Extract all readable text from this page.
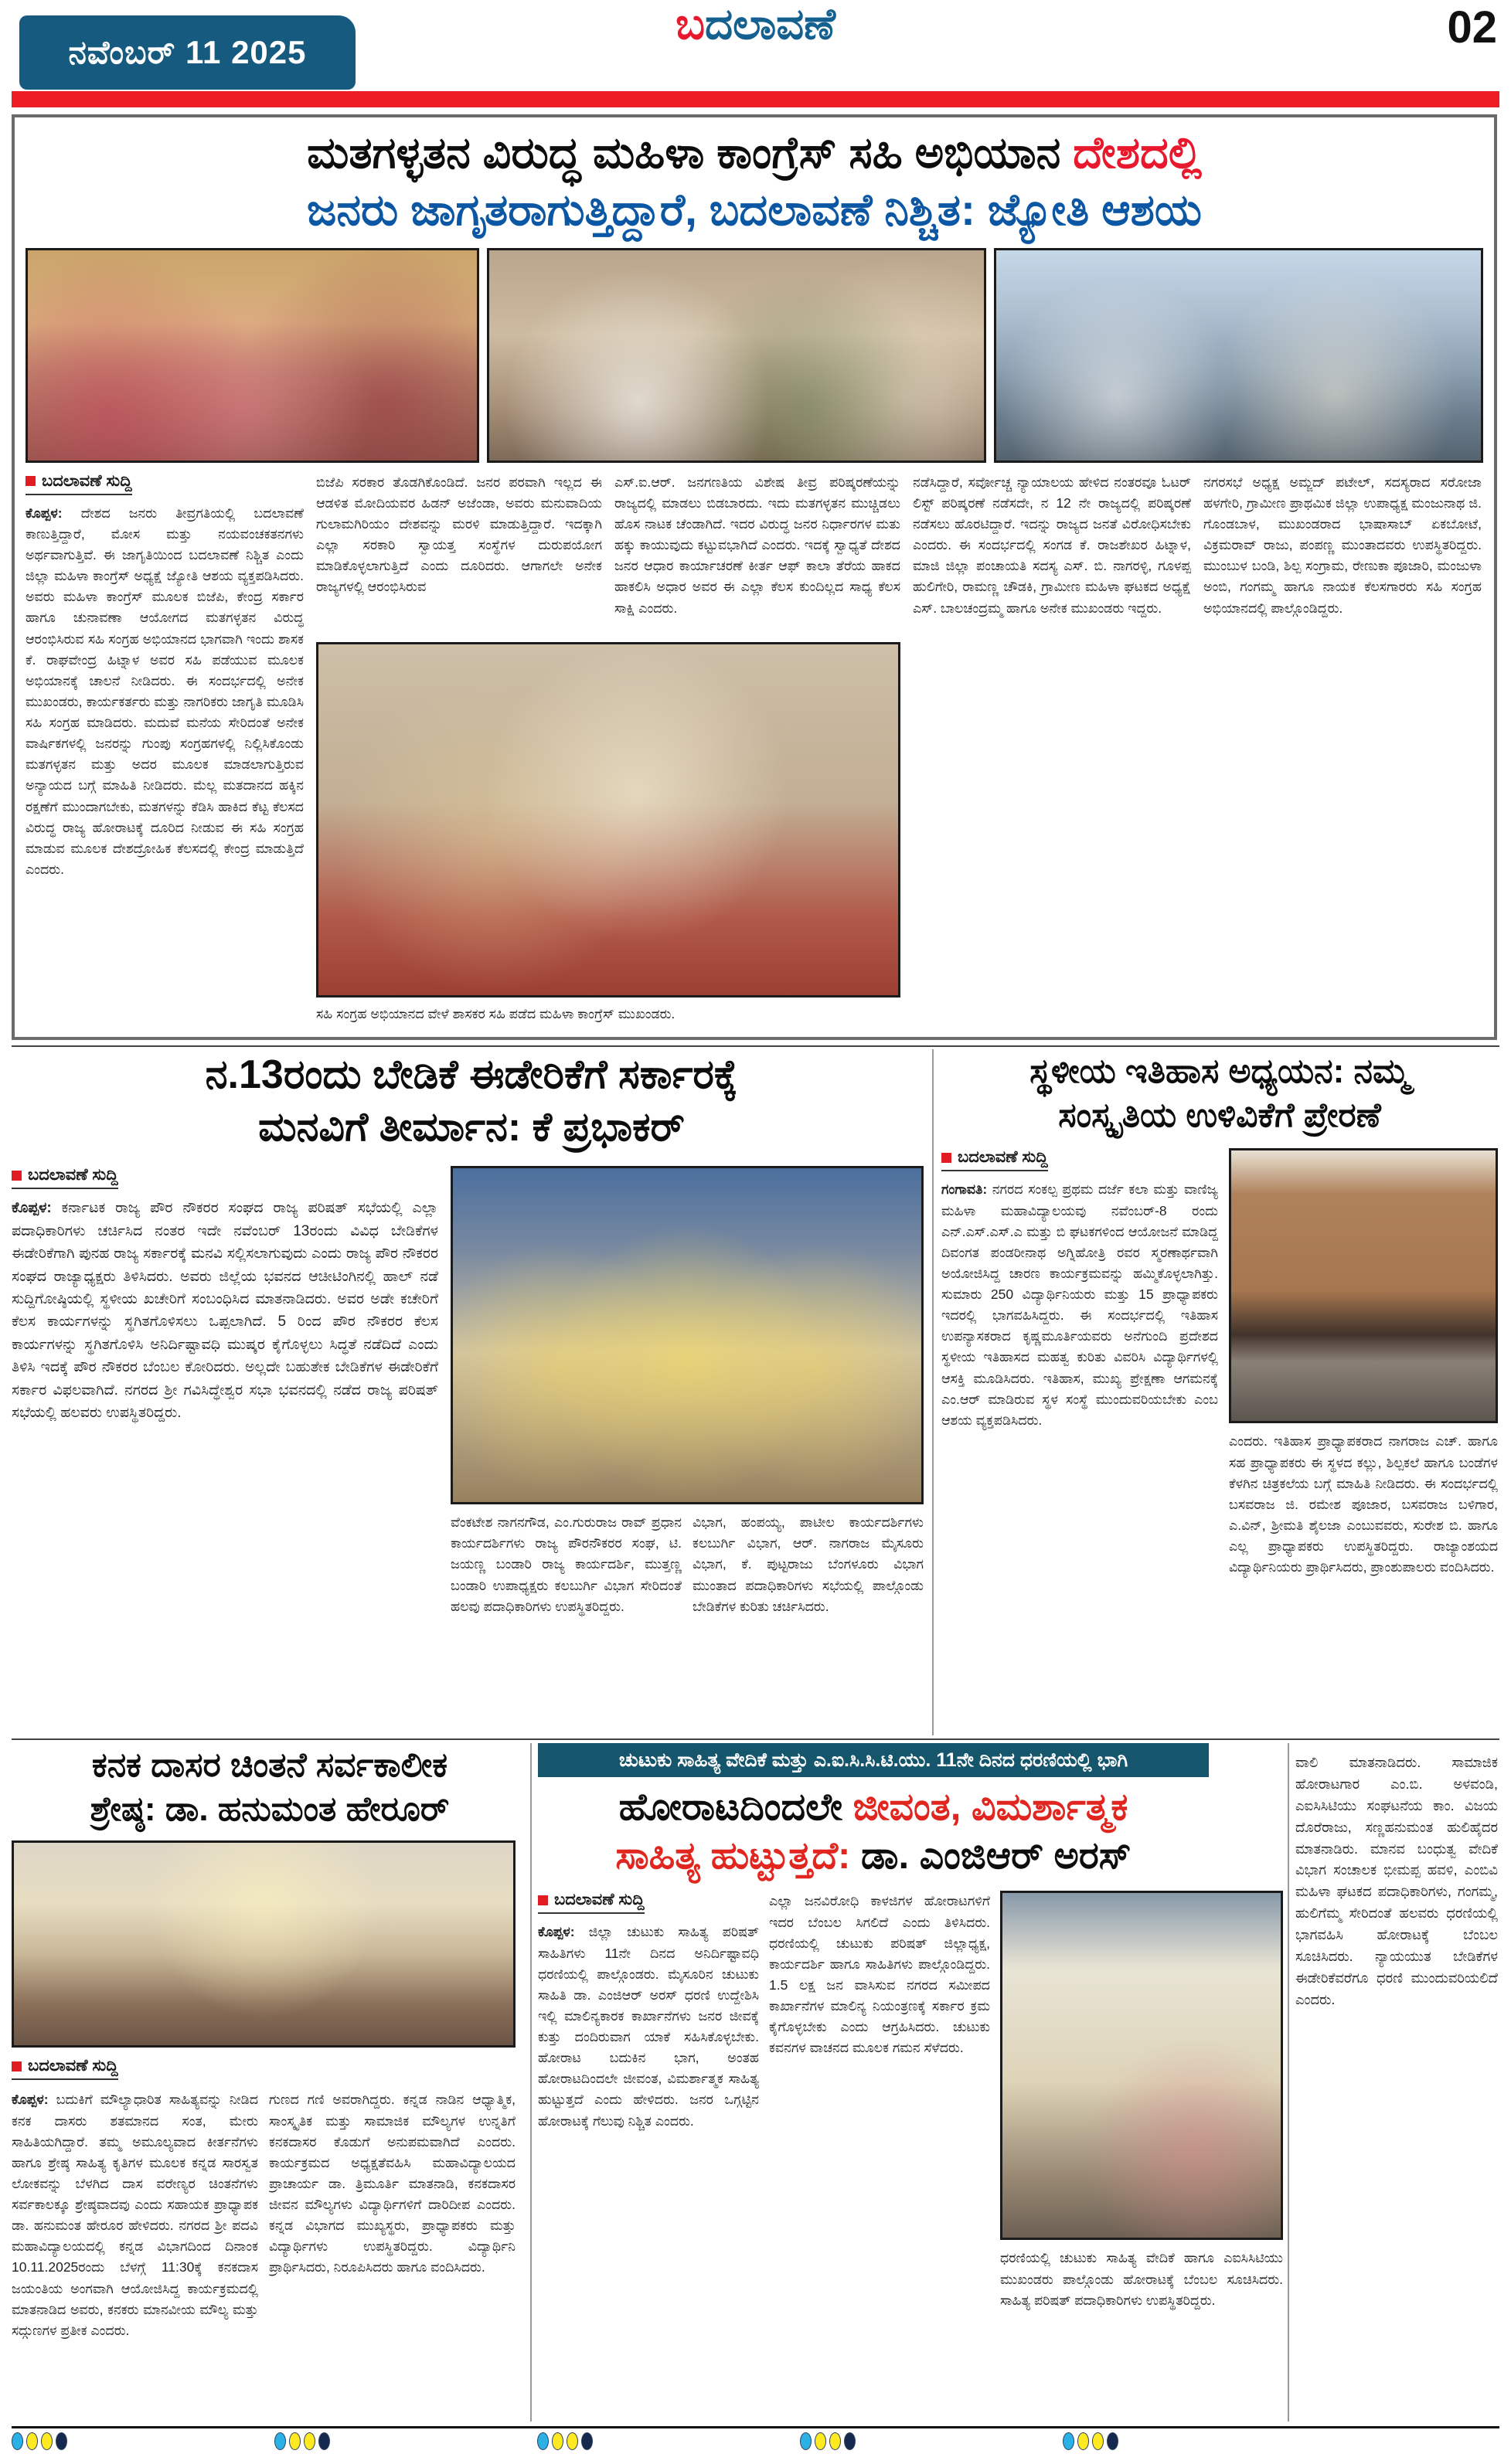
ಬದಲಾವಣೆ	02
ನವೆಂಬರ್ 11 2025
ಮತಗಳ್ಳತನ ವಿರುದ್ಧ ಮಹಿಳಾ ಕಾಂಗ್ರೆಸ್ ಸಹಿ ಅಭಿಯಾನ ದೇಶದಲ್ಲಿ
ಜನರು ಜಾಗೃತರಾಗುತ್ತಿದ್ದಾರೆ, ಬದಲಾವಣೆ ನಿಶ್ಚಿತ: ಜ್ಯೋತಿ ಆಶಯ
ಬದಲಾವಣೆ ಸುದ್ದಿ
ಕೊಪ್ಪಳ: ದೇಶದ ಜನರು ತೀವ್ರಗತಿಯಲ್ಲಿ ಬದಲಾವಣೆ ಕಾಣುತ್ತಿದ್ದಾರೆ, ಮೋಸ ಮತ್ತು ನಯವಂಚಕತನಗಳು ಅರ್ಥವಾಗುತ್ತಿವೆ. ಈ ಜಾಗೃತಿಯಿಂದ ಬದಲಾವಣೆ ನಿಶ್ಚಿತ ಎಂದು ಜಿಲ್ಲಾ ಮಹಿಳಾ ಕಾಂಗ್ರೆಸ್ ಅಧ್ಯಕ್ಷೆ ಜ್ಯೋತಿ ಆಶಯ ವ್ಯಕ್ತಪಡಿಸಿದರು. ಅವರು ಮಹಿಳಾ ಕಾಂಗ್ರೆಸ್ ಮೂಲಕ ಬಿಜೆಪಿ, ಕೇಂದ್ರ ಸರ್ಕಾರ ಹಾಗೂ ಚುನಾವಣಾ ಆಯೋಗದ ಮತಗಳ್ಳತನ ವಿರುದ್ಧ ಆರಂಭಿಸಿರುವ ಸಹಿ ಸಂಗ್ರಹ ಅಭಿಯಾನದ ಭಾಗವಾಗಿ ಇಂದು ಶಾಸಕ ಕೆ. ರಾಘವೇಂದ್ರ ಹಿಟ್ನಾಳ ಅವರ ಸಹಿ ಪಡೆಯುವ ಮೂಲಕ ಅಭಿಯಾನಕ್ಕೆ ಚಾಲನೆ ನೀಡಿದರು. ಈ ಸಂದರ್ಭದಲ್ಲಿ ಅನೇಕ ಮುಖಂಡರು, ಕಾರ್ಯಕರ್ತರು ಮತ್ತು ನಾಗರಿಕರು ಜಾಗೃತಿ ಮೂಡಿಸಿ ಸಹಿ ಸಂಗ್ರಹ ಮಾಡಿದರು. ಮದುವೆ ಮನೆಯ ಸೇರಿದಂತೆ ಅನೇಕ ವಾರ್ಷಿಕಗಳಲ್ಲಿ ಜನರನ್ನು ಗುಂಪು ಸಂಗ್ರಹಗಳಲ್ಲಿ ನಿಲ್ಲಿಸಿಕೊಂಡು ಮತಗಳ್ಳತನ ಮತ್ತು ಅದರ ಮೂಲಕ ಮಾಡಲಾಗುತ್ತಿರುವ ಅನ್ಯಾಯದ ಬಗ್ಗೆ ಮಾಹಿತಿ ನೀಡಿದರು. ಮೆಲ್ಲ ಮತದಾನದ ಹಕ್ಕಿನ ರಕ್ಷಣೆಗೆ ಮುಂದಾಗಬೇಕು, ಮತಗಳನ್ನು ಕೆಡಿಸಿ ಹಾಕಿದ ಕೆಟ್ಟ ಕೆಲಸದ ವಿರುದ್ಧ ರಾಜ್ಯ ಹೋರಾಟಕ್ಕೆ ದೂರಿದ ನೀಡುವ ಈ ಸಹಿ ಸಂಗ್ರಹ ಮಾಡುವ ಮೂಲಕ ದೇಶದ್ರೋಹಿಕ ಕೆಲಸದಲ್ಲಿ ಕೇಂದ್ರ ಮಾಡುತ್ತಿದೆ ಎಂದರು.
ಬಿಜೆಪಿ ಸರಕಾರ ತೊಡಗಿಕೊಂಡಿದೆ. ಜನರ ಪರವಾಗಿ ಇಲ್ಲದ ಈ ಆಡಳಿತ ಮೋದಿಯವರ ಹಿಡನ್ ಅಜೆಂಡಾ, ಅವರು ಮನುವಾದಿಯ ಗುಲಾಮಗಿರಿಯಂ ದೇಶವನ್ನು ಮರಳಿ ಮಾಡುತ್ತಿದ್ದಾರೆ. ಇದಕ್ಕಾಗಿ ಎಲ್ಲಾ ಸರಕಾರಿ ಸ್ವಾಯತ್ತ ಸಂಸ್ಥೆಗಳ ದುರುಪಯೋಗ ಮಾಡಿಕೊಳ್ಳಲಾಗುತ್ತಿದೆ ಎಂದು ದೂರಿದರು. ಆಗಾಗಲೇ ಅನೇಕ ರಾಜ್ಯಗಳಲ್ಲಿ ಆರಂಭಿಸಿರುವ
ಎಸ್.ಐ.ಆರ್. ಜನಗಣತಿಯ ವಿಶೇಷ ತೀವ್ರ ಪರಿಷ್ಕರಣೆಯನ್ನು ರಾಜ್ಯದಲ್ಲಿ ಮಾಡಲು ಬಿಡಬಾರದು. ಇದು ಮತಗಳ್ಳತನ ಮುಚ್ಚಿಡಲು ಹೊಸ ನಾಟಕ ಚೆಂಡಾಗಿದೆ. ಇದರ ವಿರುದ್ಧ ಜನರ ನಿರ್ಧಾರಗಳ ಮತು ಹಕ್ಕು ಕಾಯುವುದು ಕಟ್ಟುವಭಾಗಿದೆ ಎಂದರು. ಇದಕ್ಕೆ ಸ್ವಾಧ್ಯತೆ ದೇಶದ ಜನರ ಆಧಾರ ಕಾರ್ಯಾಚರಣೆ ಕೀರ್ತ ಆಫ್ ಕಾಲಾ ತೆರೆಯ ಹಾಕದ ಹಾಕಲಿಸಿ ಅಧಾರ ಅವರ ಈ ಎಲ್ಲಾ ಕೆಲಸ ಕುಂದಿಲ್ಲದ ಸಾಧ್ಯ ಕೆಲಸ ಸಾಕ್ಷಿ ಎಂದರು.
ಸಹಿ ಸಂಗ್ರಹ ಅಭಿಯಾನದ ವೇಳೆ ಶಾಸಕರ ಸಹಿ ಪಡೆದ ಮಹಿಳಾ ಕಾಂಗ್ರೆಸ್ ಮುಖಂಡರು.
ನಡೆಸಿದ್ದಾರೆ, ಸರ್ವೋಚ್ಚ ನ್ಯಾಯಾಲಯ ಹೇಳಿದ ನಂತರವೂ ಓಟರ್ ಲಿಸ್ಟ್ ಪರಿಷ್ಕರಣೆ ನಡೆಸದೇ, ನ 12 ನೇ ರಾಜ್ಯದಲ್ಲಿ ಪರಿಷ್ಕರಣೆ ನಡೆಸಲು ಹೊರಟಿದ್ದಾರೆ. ಇದನ್ನು ರಾಜ್ಯದ ಜನತೆ ವಿರೋಧಿಸಬೇಕು ಎಂದರು. ಈ ಸಂದರ್ಭದಲ್ಲಿ ಸಂಗಡ ಕೆ. ರಾಜಶೇಖರ ಹಿಟ್ನಾಳ, ಮಾಜಿ ಜಿಲ್ಲಾ ಪಂಚಾಯತಿ ಸದಸ್ಯ ಎಸ್. ಬಿ. ನಾಗರಳ್ಳಿ, ಗೂಳಪ್ಪ ಹುಲಿಗೇರಿ, ರಾಮಣ್ಣ ಚೌಡಕಿ, ಗ್ರಾಮೀಣ ಮಹಿಳಾ ಘಟಕದ ಅಧ್ಯಕ್ಷೆ ಎಸ್. ಬಾಲಚಂದ್ರಮ್ಮ ಹಾಗೂ ಅನೇಕ ಮುಖಂಡರು ಇದ್ದರು.
ನಗರಸಭೆ ಅಧ್ಯಕ್ಷ ಅಮ್ಜದ್ ಪಟೇಲ್, ಸದಸ್ಯರಾದ ಸರೋಜಾ ಹಳಗೇರಿ, ಗ್ರಾಮೀಣ ಪ್ರಾಥಮಿಕ ಜಿಲ್ಲಾ ಉಪಾಧ್ಯಕ್ಷ ಮಂಜುನಾಥ ಜಿ. ಗೊಂಡಬಾಳ, ಮುಖಂಡರಾದ ಭಾಷಾಸಾಬ್ ಏಕಬೋಟೆ, ವಿಕ್ರಮರಾವ್ ರಾಜು, ಪಂಪಣ್ಣ ಮುಂತಾದವರು ಉಪಸ್ಥಿತರಿದ್ದರು. ಮುಂಬುಳ ಬಂಡಿ, ಶಿಲ್ಪ ಸಂಗ್ರಾಮ, ರೇಣುಕಾ ಪೂಜಾರಿ, ಮಂಜುಳಾ ಅಂಬಿ, ಗಂಗಮ್ಮ ಹಾಗೂ ನಾಯಕ ಕೆಲಸಗಾರರು ಸಹಿ ಸಂಗ್ರಹ ಅಭಿಯಾನದಲ್ಲಿ ಪಾಲ್ಗೊಂಡಿದ್ದರು.
ನ.13ರಂದು ಬೇಡಿಕೆ ಈಡೇರಿಕೆಗೆ ಸರ್ಕಾರಕ್ಕೆ
ಮನವಿಗೆ ತೀರ್ಮಾನ: ಕೆ ಪ್ರಭಾಕರ್
ಬದಲಾವಣೆ ಸುದ್ದಿ
ಕೊಪ್ಪಳ: ಕರ್ನಾಟಕ ರಾಜ್ಯ ಪೌರ ನೌಕರರ ಸಂಘದ ರಾಜ್ಯ ಪರಿಷತ್ ಸಭೆಯಲ್ಲಿ ಎಲ್ಲಾ ಪದಾಧಿಕಾರಿಗಳು ಚರ್ಚಿಸಿದ ನಂತರ ಇದೇ ನವೆಂಬರ್ 13ರಂದು ವಿವಿಧ ಬೇಡಿಕೆಗಳ ಈಡೇರಿಕೆಗಾಗಿ ಪುನಹ ರಾಜ್ಯ ಸರ್ಕಾರಕ್ಕೆ ಮನವಿ ಸಲ್ಲಿಸಲಾಗುವುದು ಎಂದು ರಾಜ್ಯ ಪೌರ ನೌಕರರ ಸಂಘದ ರಾಜ್ಯಾಧ್ಯಕ್ಷರು ತಿಳಿಸಿದರು. ಅವರು ಜಿಲ್ಲೆಯ ಭವನದ ಆಚೀಟಿಂಗಿನಲ್ಲಿ ಹಾಲ್ ನಡೆ ಸುದ್ದಿಗೋಷ್ಠಿಯಲ್ಲಿ ಸ್ಥಳೀಯ ಖಚೇರಿಗೆ ಸಂಬಂಧಿಸಿದ ಮಾತನಾಡಿದರು. ಅವರ ಅಡೇ ಕಚೇರಿಗೆ ಕೆಲಸ ಕಾರ್ಯಗಳನ್ನು ಸ್ಥಗಿತಗೊಳಿಸಲು ಒಪ್ಪಲಾಗಿದೆ. 5 ರಿಂದ ಪೌರ ನೌಕರರ ಕೆಲಸ ಕಾರ್ಯಗಳನ್ನು ಸ್ಥಗಿತಗೊಳಿಸಿ ಅನಿರ್ದಿಷ್ಟಾವಧಿ ಮುಷ್ಕರ ಕೈಗೊಳ್ಳಲು ಸಿದ್ಧತೆ ನಡೆದಿದೆ ಎಂದು ತಿಳಿಸಿ ಇದಕ್ಕೆ ಪೌರ ನೌಕರರ ಬೆಂಬಲ ಕೋರಿದರು. ಅಲ್ಲದೇ ಬಹುತೇಕ ಬೇಡಿಕೆಗಳ ಈಡೇರಿಕೆಗೆ ಸರ್ಕಾರ ವಿಫಲವಾಗಿದೆ. ನಗರದ ಶ್ರೀ ಗವಿಸಿದ್ಧೇಶ್ವರ ಸಭಾ ಭವನದಲ್ಲಿ ನಡೆದ ರಾಜ್ಯ ಪರಿಷತ್ ಸಭೆಯಲ್ಲಿ ಹಲವರು ಉಪಸ್ಥಿತರಿದ್ದರು.
ವೆಂಕಟೇಶ ನಾಗನಗೌಡ, ಎಂ.ಗುರುರಾಜ ರಾವ್ ಪ್ರಧಾನ ಕಾರ್ಯದರ್ಶಿಗಳು ರಾಜ್ಯ ಪೌರನೌಕರರ ಸಂಘ, ಟಿ. ಜಯಣ್ಣ ಬಂಡಾರಿ ರಾಜ್ಯ ಕಾರ್ಯದರ್ಶಿ, ಮುತ್ತಣ್ಣ ಬಂಡಾರಿ ಉಪಾಧ್ಯಕ್ಷರು ಕಲಬುರ್ಗಿ ವಿಭಾಗ ಸೇರಿದಂತೆ ಹಲವು ಪದಾಧಿಕಾರಿಗಳು ಉಪಸ್ಥಿತರಿದ್ದರು.
ವಿಭಾಗ, ಹಂಪಯ್ಯ, ಪಾಟೀಲ ಕಾರ್ಯದರ್ಶಿಗಳು ಕಲಬುರ್ಗಿ ವಿಭಾಗ, ಆರ್. ನಾಗರಾಜ ಮೈಸೂರು ವಿಭಾಗ, ಕೆ. ಪುಟ್ಟರಾಜು ಬೆಂಗಳೂರು ವಿಭಾಗ ಮುಂತಾದ ಪದಾಧಿಕಾರಿಗಳು ಸಭೆಯಲ್ಲಿ ಪಾಲ್ಗೊಂಡು ಬೇಡಿಕೆಗಳ ಕುರಿತು ಚರ್ಚಿಸಿದರು.
ಸ್ಥಳೀಯ ಇತಿಹಾಸ ಅಧ್ಯಯನ: ನಮ್ಮ
ಸಂಸ್ಕೃತಿಯ ಉಳಿವಿಕೆಗೆ ಪ್ರೇರಣೆ
ಬದಲಾವಣೆ ಸುದ್ದಿ
ಗಂಗಾವತಿ: ನಗರದ ಸಂಕಲ್ಪ ಪ್ರಥಮ ದರ್ಜೆ ಕಲಾ ಮತ್ತು ವಾಣಿಜ್ಯ ಮಹಿಳಾ ಮಹಾವಿದ್ಯಾಲಯವು ನವೆಂಬರ್-8 ರಂದು ಎನ್.ಎಸ್.ಎಸ್.ಎ ಮತ್ತು ಬಿ ಘಟಕಗಳಿಂದ ಆಯೋಜನೆ ಮಾಡಿದ್ದ ದಿವಂಗತ ಪಂಡರೀನಾಥ ಅಗ್ನಿಹೋತ್ರಿ ರವರ ಸ್ಮರಣಾರ್ಥವಾಗಿ ಅಯೋಜಿಸಿದ್ದ ಚಾರಣ ಕಾರ್ಯಕ್ರಮವನ್ನು ಹಮ್ಮಿಕೊಳ್ಳಲಾಗಿತ್ತು. ಸುಮಾರು 250 ವಿದ್ಯಾರ್ಥಿನಿಯರು ಮತ್ತು 15 ಪ್ರಾಧ್ಯಾಪಕರು ಇದರಲ್ಲಿ ಭಾಗವಹಿಸಿದ್ದರು. ಈ ಸಂದರ್ಭದಲ್ಲಿ ಇತಿಹಾಸ ಉಪನ್ಯಾಸಕರಾದ ಕೃಷ್ಣಮೂರ್ತಿಯವರು ಅನೆಗುಂದಿ ಪ್ರದೇಶದ ಸ್ಥಳೀಯ ಇತಿಹಾಸದ ಮಹತ್ವ ಕುರಿತು ವಿವರಿಸಿ ವಿದ್ಯಾರ್ಥಿಗಳಲ್ಲಿ ಆಸಕ್ತಿ ಮೂಡಿಸಿದರು. ಇತಿಹಾಸ, ಮುಖ್ಯ ಪ್ರೇಕ್ಷಣಾ ಆಗಮನಕ್ಕೆ ಎಂ.ಆರ್ ಮಾಡಿರುವ ಸ್ಥಳ ಸಂಸ್ಥೆ ಮುಂದುವರಿಯಬೇಕು ಎಂಬ ಆಶಯ ವ್ಯಕ್ತಪಡಿಸಿದರು.
ಎಂದರು. ಇತಿಹಾಸ ಪ್ರಾಧ್ಯಾಪಕರಾದ ನಾಗರಾಜ ಎಚ್. ಹಾಗೂ ಸಹ ಪ್ರಾಧ್ಯಾಪಕರು ಈ ಸ್ಥಳದ ಕಲ್ಲು, ಶಿಲ್ಪಕಲೆ ಹಾಗೂ ಬಂಡೆಗಳ ಕೆಳಗಿನ ಚಿತ್ರಕಲೆಯ ಬಗ್ಗೆ ಮಾಹಿತಿ ನೀಡಿದರು. ಈ ಸಂದರ್ಭದಲ್ಲಿ ಬಸವರಾಜ ಜಿ. ರಮೇಶ ಪೂಜಾರ, ಬಸವರಾಜ ಬಳಿಗಾರ, ಎ.ವಿನ್, ಶ್ರೀಮತಿ ಶೈಲಜಾ ಎಂಬುವವರು, ಸುರೇಶ ಬಿ. ಹಾಗೂ ಎಲ್ಲ ಪ್ರಾಧ್ಯಾಪಕರು ಉಪಸ್ಥಿತರಿದ್ದರು. ರಾಜ್ಯಾಂಶಯದ ವಿದ್ಯಾರ್ಥಿನಿಯರು ಪ್ರಾರ್ಥಿಸಿದರು, ಪ್ರಾಂಶುಪಾಲರು ವಂದಿಸಿದರು.
ಕನಕ ದಾಸರ ಚಿಂತನೆ ಸರ್ವಕಾಲೀಕ
ಶ್ರೇಷ್ಠ: ಡಾ. ಹನುಮಂತ ಹೇರೂರ್
ಬದಲಾವಣೆ ಸುದ್ದಿ
ಕೊಪ್ಪಳ: ಬದುಕಿಗೆ ಮೌಲ್ಯಾಧಾರಿತ ಸಾಹಿತ್ಯವನ್ನು ನೀಡಿದ ಕನಕ ದಾಸರು ಶತಮಾನದ ಸಂತ, ಮೇರು ಸಾಹಿತಿಯಗಿದ್ದಾರೆ. ತಮ್ಮ ಅಮೂಲ್ಯವಾದ ಕೀರ್ತನೆಗಳು ಹಾಗೂ ಶ್ರೇಷ್ಠ ಸಾಹಿತ್ಯ ಕೃತಿಗಳ ಮೂಲಕ ಕನ್ನಡ ಸಾರಸ್ವತ ಲೋಕವನ್ನು ಬೆಳಗಿದ ದಾಸ ವರೇಣ್ಯರ ಚಿಂತನೆಗಳು ಸರ್ವಕಾಲಕ್ಕೂ ಶ್ರೇಷ್ಠವಾದವು ಎಂದು ಸಹಾಯಕ ಪ್ರಾಧ್ಯಾಪಕ ಡಾ. ಹನುಮಂತ ಹೇರೂರ ಹೇಳಿದರು. ನಗರದ ಶ್ರೀ ಪದವಿ ಮಹಾವಿದ್ಯಾಲಯದಲ್ಲಿ ಕನ್ನಡ ವಿಭಾಗದಿಂದ ದಿನಾಂಕ 10.11.2025ರಂದು ಬೆಳಗ್ಗೆ 11:30ಕ್ಕೆ ಕನಕದಾಸ ಜಯಂತಿಯ ಅಂಗವಾಗಿ ಆಯೋಜಿಸಿದ್ದ ಕಾರ್ಯಕ್ರಮದಲ್ಲಿ ಮಾತನಾಡಿದ ಅವರು, ಕನಕರು ಮಾನವೀಯ ಮೌಲ್ಯ ಮತ್ತು ಸದ್ಗುಣಗಳ ಪ್ರತೀಕ ಎಂದರು.
ಗುಣದ ಗಣಿ ಅವರಾಗಿದ್ದರು. ಕನ್ನಡ ನಾಡಿನ ಆಧ್ಯಾತ್ಮಿಕ, ಸಾಂಸ್ಕೃತಿಕ ಮತ್ತು ಸಾಮಾಜಿಕ ಮೌಲ್ಯಗಳ ಉನ್ನತಿಗೆ ಕನಕದಾಸರ ಕೊಡುಗೆ ಅನುಪಮವಾಗಿದೆ ಎಂದರು. ಕಾರ್ಯಕ್ರಮದ ಅಧ್ಯಕ್ಷತೆವಹಿಸಿ ಮಹಾವಿದ್ಯಾಲಯದ ಪ್ರಾಚಾರ್ಯ ಡಾ. ತ್ರಿಮೂರ್ತಿ ಮಾತನಾಡಿ, ಕನಕದಾಸರ ಜೀವನ ಮೌಲ್ಯಗಳು ವಿದ್ಯಾರ್ಥಿಗಳಿಗೆ ದಾರಿದೀಪ ಎಂದರು. ಕನ್ನಡ ವಿಭಾಗದ ಮುಖ್ಯಸ್ಥರು, ಪ್ರಾಧ್ಯಾಪಕರು ಮತ್ತು ವಿದ್ಯಾರ್ಥಿಗಳು ಉಪಸ್ಥಿತರಿದ್ದರು. ವಿದ್ಯಾರ್ಥಿನಿ ಪ್ರಾರ್ಥಿಸಿದರು, ನಿರೂಪಿಸಿದರು ಹಾಗೂ ವಂದಿಸಿದರು.
ಚುಟುಕು ಸಾಹಿತ್ಯ ವೇದಿಕೆ ಮತ್ತು ಎ.ಐ.ಸಿ.ಸಿ.ಟಿ.ಯು. 11ನೇ ದಿನದ ಧರಣಿಯಲ್ಲಿ ಭಾಗಿ
ಹೋರಾಟದಿಂದಲೇ ಜೀವಂತ, ವಿಮರ್ಶಾತ್ಮಕ
ಸಾಹಿತ್ಯ ಹುಟ್ಟುತ್ತದೆ: ಡಾ. ಎಂಜಿಆರ್ ಅರಸ್
ಬದಲಾವಣೆ ಸುದ್ದಿ
ಕೊಪ್ಪಳ: ಜಿಲ್ಲಾ ಚುಟುಕು ಸಾಹಿತ್ಯ ಪರಿಷತ್ ಸಾಹಿತಿಗಳು 11ನೇ ದಿನದ ಅನಿರ್ದಿಷ್ಟಾವಧಿ ಧರಣಿಯಲ್ಲಿ ಪಾಲ್ಗೊಂಡರು. ಮೈಸೂರಿನ ಚುಟುಕು ಸಾಹಿತಿ ಡಾ. ಎಂಜಿಆರ್ ಅರಸ್ ಧರಣಿ ಉದ್ದೇಶಿಸಿ ಇಲ್ಲಿ ಮಾಲಿನ್ಯಕಾರಕ ಕಾರ್ಖಾನೆಗಳು ಜನರ ಜೀವಕ್ಕೆ ಕುತ್ತು ದಂದಿರುವಾಗ ಯಾಕೆ ಸಹಿಸಿಕೊಳ್ಳಬೇಕು. ಹೋರಾಟ ಬದುಕಿನ ಭಾಗ, ಅಂತಹ ಹೋರಾಟದಿಂದಲೇ ಜೀವಂತ, ವಿಮರ್ಶಾತ್ಮಕ ಸಾಹಿತ್ಯ ಹುಟ್ಟುತ್ತದೆ ಎಂದು ಹೇಳಿದರು. ಜನರ ಒಗ್ಗಟ್ಟಿನ ಹೋರಾಟಕ್ಕೆ ಗೆಲುವು ನಿಶ್ಚಿತ ಎಂದರು.
ಎಲ್ಲಾ ಜನವಿರೋಧಿ ಕಾಳಜಿಗಳ ಹೋರಾಟಗಳಿಗೆ ಇದರ ಬೆಂಬಲ ಸಿಗಲಿದೆ ಎಂದು ತಿಳಿಸಿದರು. ಧರಣಿಯಲ್ಲಿ ಚುಟುಕು ಪರಿಷತ್ ಜಿಲ್ಲಾಧ್ಯಕ್ಷ, ಕಾರ್ಯದರ್ಶಿ ಹಾಗೂ ಸಾಹಿತಿಗಳು ಪಾಲ್ಗೊಂಡಿದ್ದರು. 1.5 ಲಕ್ಷ ಜನ ವಾಸಿಸುವ ನಗರದ ಸಮೀಪದ ಕಾರ್ಖಾನೆಗಳ ಮಾಲಿನ್ಯ ನಿಯಂತ್ರಣಕ್ಕೆ ಸರ್ಕಾರ ಕ್ರಮ ಕೈಗೊಳ್ಳಬೇಕು ಎಂದು ಆಗ್ರಹಿಸಿದರು. ಚುಟುಕು ಕವನಗಳ ವಾಚನದ ಮೂಲಕ ಗಮನ ಸೆಳೆದರು.
ಧರಣಿಯಲ್ಲಿ ಚುಟುಕು ಸಾಹಿತ್ಯ ವೇದಿಕೆ ಹಾಗೂ ಎಐಸಿಸಿಟಿಯು ಮುಖಂಡರು ಪಾಲ್ಗೊಂಡು ಹೋರಾಟಕ್ಕೆ ಬೆಂಬಲ ಸೂಚಿಸಿದರು. ಸಾಹಿತ್ಯ ಪರಿಷತ್ ಪದಾಧಿಕಾರಿಗಳು ಉಪಸ್ಥಿತರಿದ್ದರು.
ವಾಲಿ ಮಾತನಾಡಿದರು. ಸಾಮಾಜಿಕ ಹೋರಾಟಗಾರ ಎಂ.ಬಿ. ಅಳವಂಡಿ, ಎಐಸಿಸಿಟಿಯು ಸಂಘಟನೆಯ ಕಾಂ. ವಿಜಯ ದೊರೆರಾಜು, ಸಣ್ಣಹನುಮಂತ ಹುಲಿಹೈದರ ಮಾತನಾಡಿರು. ಮಾನವ ಬಂಧುತ್ವ ವೇದಿಕೆ ವಿಭಾಗ ಸಂಚಾಲಕ ಭೀಮಪ್ಪ ಹವಳಿ, ಎಂಬಿವಿ ಮಹಿಳಾ ಘಟಕದ ಪದಾಧಿಕಾರಿಗಳು, ಗಂಗಮ್ಮ, ಹುಲಿಗೆಮ್ಮ ಸೇರಿದಂತೆ ಹಲವರು ಧರಣಿಯಲ್ಲಿ ಭಾಗವಹಿಸಿ ಹೋರಾಟಕ್ಕೆ ಬೆಂಬಲ ಸೂಚಿಸಿದರು. ನ್ಯಾಯಯುತ ಬೇಡಿಕೆಗಳ ಈಡೇರಿಕೆವರೆಗೂ ಧರಣಿ ಮುಂದುವರಿಯಲಿದೆ ಎಂದರು.
